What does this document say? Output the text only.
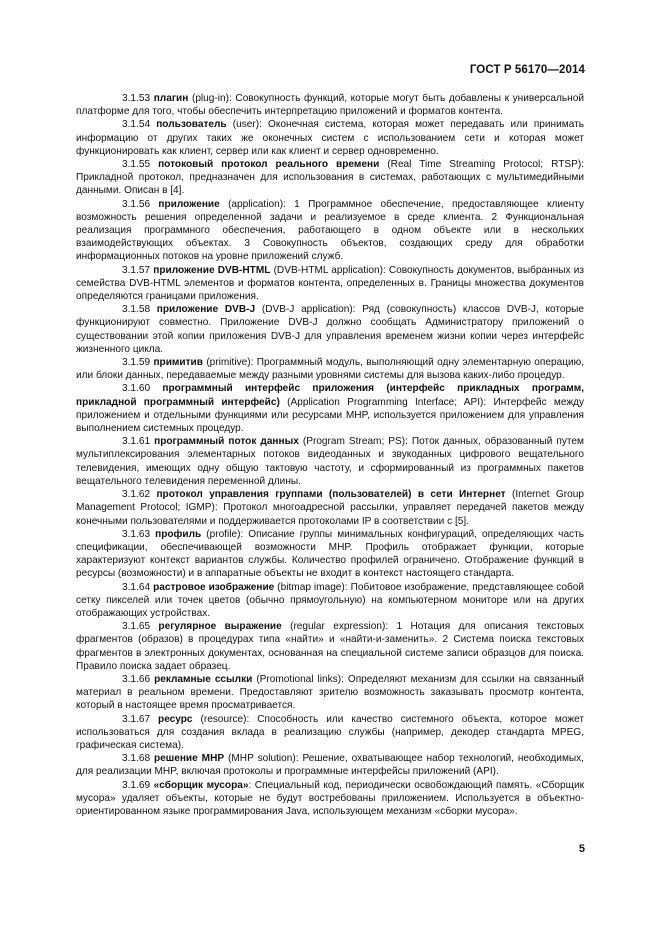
ГОСТ Р 56170—2014

3.1.53 плагин (plug-in): Совокупность функций, которые могут быть добавлены к универсальной платформе для того, чтобы обеспечить интерпретацию приложений и форматов контента.

3.1.54 пользователь (user): Оконечная система, которая может передавать или принимать информацию от других таких же оконечных систем с использованием сети и которая может функционировать как клиент, сервер или как клиент и сервер одновременно.

3.1.55 потоковый протокол реального времени (Real Time Streaming Protocol; RTSP): Прикладной протокол, предназначен для использования в системах, работающих с мультимедийными данными. Описан в [4].

3.1.56 приложение (application): 1 Программное обеспечение, предоставляющее клиенту возможность решения определенной задачи и реализуемое в среде клиента. 2 Функциональная реализация программного обеспечения, работающего в одном объекте или в нескольких взаимодействующих объектах. 3 Совокупность объектов, создающих среду для обработки информационных потоков на уровне приложений служб.

3.1.57 приложение DVB-HTML (DVB-HTML application): Совокупность документов, выбранных из семейства DVB-HTML элементов и форматов контента, определенных в. Границы множества документов определяются границами приложения.

3.1.58 приложение DVB-J (DVB-J application): Ряд (совокупность) классов DVB-J, которые функционируют совместно. Приложение DVB-J должно сообщать Администратору приложений о существовании этой копии приложения DVB-J для управления временем жизни копии через интерфейс жизненного цикла.

3.1.59 примитив (primitive): Программный модуль, выполняющий одну элементарную операцию, или блоки данных, передаваемые между разными уровнями системы для вызова каких-либо процедур.

3.1.60 программный интерфейс приложения (интерфейс прикладных программ, прикладной программный интерфейс) (Application Programming Interface; API): Интерфейс между приложением и отдельными функциями или ресурсами MHP, используется приложением для управления выполнением системных процедур.

3.1.61 программный поток данных (Program Stream; PS): Поток данных, образованный путем мультиплексирования элементарных потоков видеоданных и звукоданных цифрового вещательного телевидения, имеющих одну общую тактовую частоту, и сформированный из программных пакетов вещательного телевидения переменной длины.

3.1.62 протокол управления группами (пользователей) в сети Интернет (Internet Group Management Protocol; IGMP): Протокол многоадресной рассылки, управляет передачей пакетов между конечными пользователями и поддерживается протоколами IP в соответствии с [5].

3.1.63 профиль (profile): Описание группы минимальных конфигураций, определяющих часть спецификации, обеспечивающей возможности MHP. Профиль отображает функции, которые характеризуют контекст вариантов службы. Количество профилей ограничено. Отображение функций в ресурсы (возможности) и в аппаратные объекты не входит в контекст настоящего стандарта.

3.1.64 растровое изображение (bitmap image): Побитовое изображение, представляющее собой сетку пикселей или точек цветов (обычно прямоугольную) на компьютерном мониторе или на других отображающих устройствах.

3.1.65 регулярное выражение (regular expression): 1 Нотация для описания текстовых фрагментов (образов) в процедурах типа «найти» и «найти-и-заменить». 2 Система поиска текстовых фрагментов в электронных документах, основанная на специальной системе записи образцов для поиска. Правило поиска задает образец.

3.1.66 рекламные ссылки (Promotional links): Определяют механизм для ссылки на связанный материал в реальном времени. Предоставляют зрителю возможность заказывать просмотр контента, который в настоящее время просматривается.

3.1.67 ресурс (resource): Способность или качество системного объекта, которое может использоваться для создания вклада в реализацию службы (например, декодер стандарта MPEG, графическая система).

3.1.68 решение MHP (MHP solution): Решение, охватывающее набор технологий, необходимых, для реализации MHP, включая протоколы и программные интерфейсы приложений (API).

3.1.69 «сборщик мусора»: Специальный код, периодически освобождающий память. «Сборщик мусора» удаляет объекты, которые не будут востребованы приложением. Используется в объектно-ориентированном языке программирования Java, использующем механизм «сборки мусора».

5
